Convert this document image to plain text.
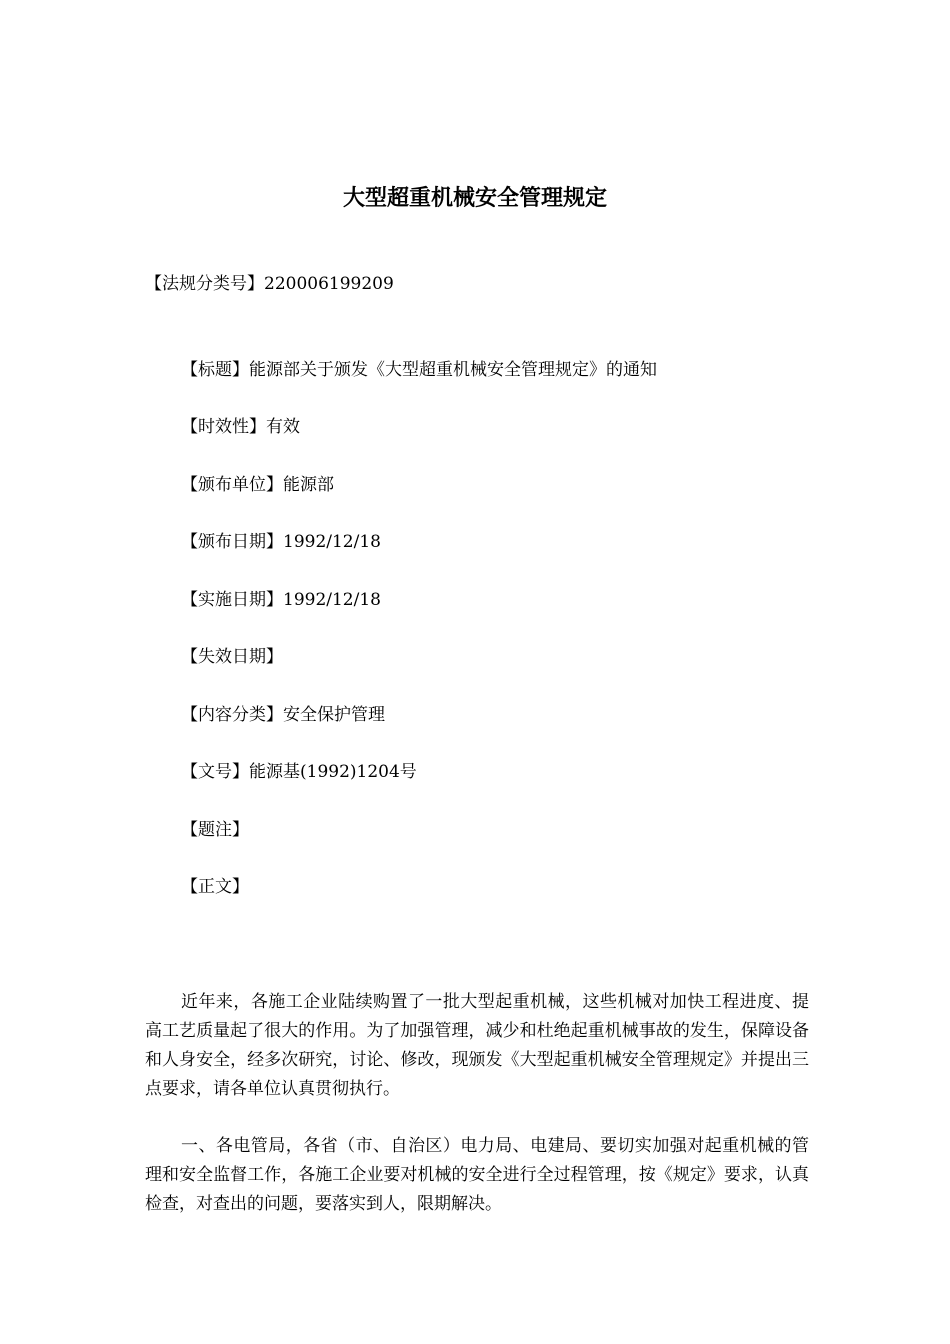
大型超重机械安全管理规定

【法规分类号】220006199209

【标题】能源部关于颁发《大型超重机械安全管理规定》的通知

【时效性】有效

【颁布单位】能源部

【颁布日期】1992/12/18

【实施日期】1992/12/18

【失效日期】

【内容分类】安全保护管理

【文号】能源基(1992)1204号

【题注】

【正文】

近年来，各施工企业陆续购置了一批大型起重机械，这些机械对加快工程进度、提高工艺质量起了很大的作用。为了加强管理，减少和杜绝起重机械事故的发生，保障设备和人身安全，经多次研究，讨论、修改，现颁发《大型起重机械安全管理规定》并提出三点要求，请各单位认真贯彻执行。

一、各电管局，各省（市、自治区）电力局、电建局、要切实加强对起重机械的管理和安全监督工作，各施工企业要对机械的安全进行全过程管理，按《规定》要求，认真检查，对查出的问题，要落实到人，限期解决。
